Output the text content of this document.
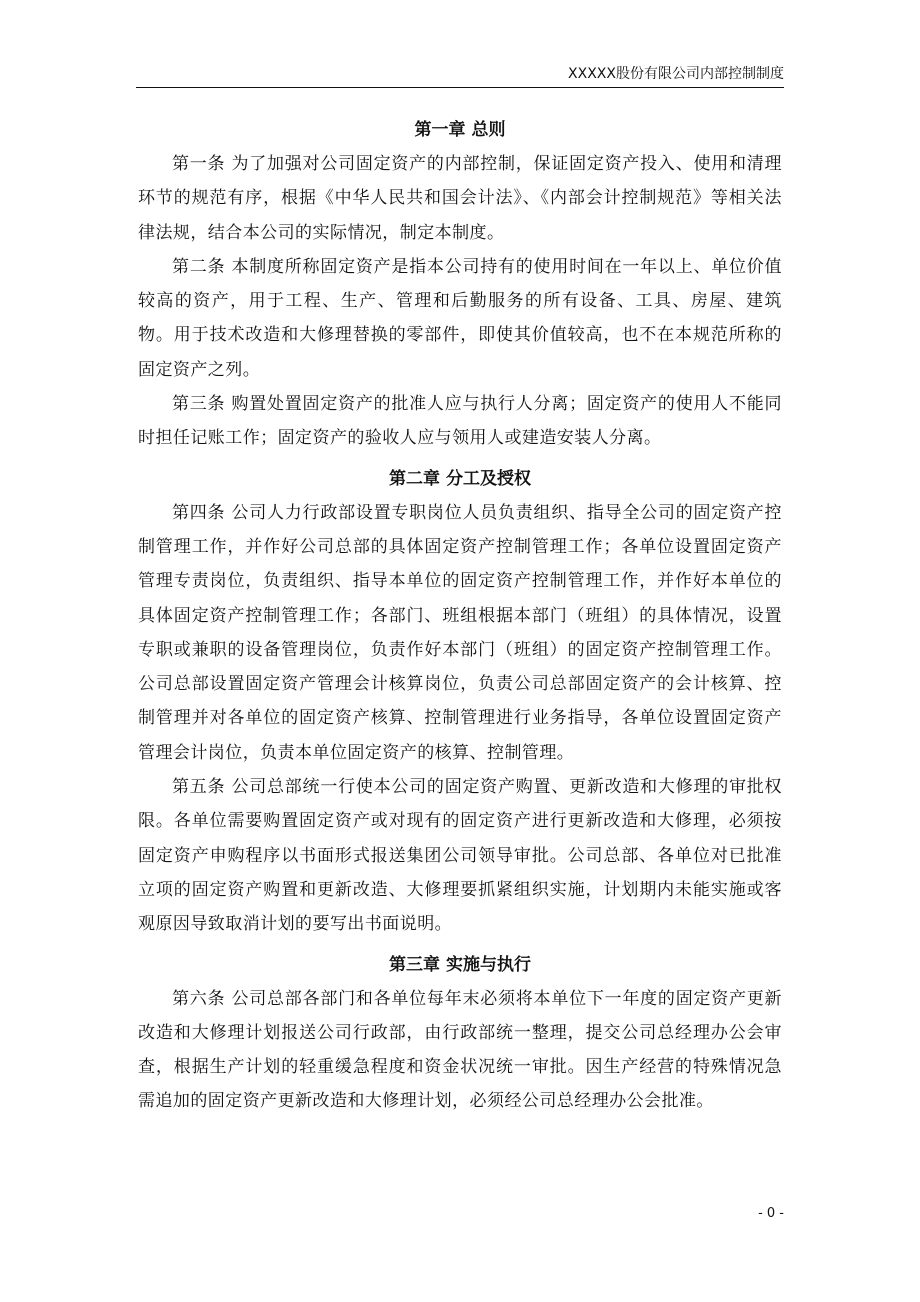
XXXXX股份有限公司内部控制制度
第一章 总则

第一条 为了加强对公司固定资产的内部控制，保证固定资产投入、使用和清理环节的规范有序，根据《中华人民共和国会计法》、《内部会计控制规范》等相关法律法规，结合本公司的实际情况，制定本制度。

第二条 本制度所称固定资产是指本公司持有的使用时间在一年以上、单位价值较高的资产，用于工程、生产、管理和后勤服务的所有设备、工具、房屋、建筑物。用于技术改造和大修理替换的零部件，即使其价值较高，也不在本规范所称的固定资产之列。

第三条 购置处置固定资产的批准人应与执行人分离；固定资产的使用人不能同时担任记账工作；固定资产的验收人应与领用人或建造安装人分离。

第二章 分工及授权

第四条 公司人力行政部设置专职岗位人员负责组织、指导全公司的固定资产控制管理工作，并作好公司总部的具体固定资产控制管理工作；各单位设置固定资产管理专责岗位，负责组织、指导本单位的固定资产控制管理工作，并作好本单位的具体固定资产控制管理工作；各部门、班组根据本部门（班组）的具体情况，设置专职或兼职的设备管理岗位，负责作好本部门（班组）的固定资产控制管理工作。公司总部设置固定资产管理会计核算岗位，负责公司总部固定资产的会计核算、控制管理并对各单位的固定资产核算、控制管理进行业务指导，各单位设置固定资产管理会计岗位，负责本单位固定资产的核算、控制管理。

第五条 公司总部统一行使本公司的固定资产购置、更新改造和大修理的审批权限。各单位需要购置固定资产或对现有的固定资产进行更新改造和大修理，必须按固定资产申购程序以书面形式报送集团公司领导审批。公司总部、各单位对已批准立项的固定资产购置和更新改造、大修理要抓紧组织实施，计划期内未能实施或客观原因导致取消计划的要写出书面说明。

第三章 实施与执行

第六条 公司总部各部门和各单位每年末必须将本单位下一年度的固定资产更新改造和大修理计划报送公司行政部，由行政部统一整理，提交公司总经理办公会审查，根据生产计划的轻重缓急程度和资金状况统一审批。因生产经营的特殊情况急需追加的固定资产更新改造和大修理计划，必须经公司总经理办公会批准。

- 0 -
